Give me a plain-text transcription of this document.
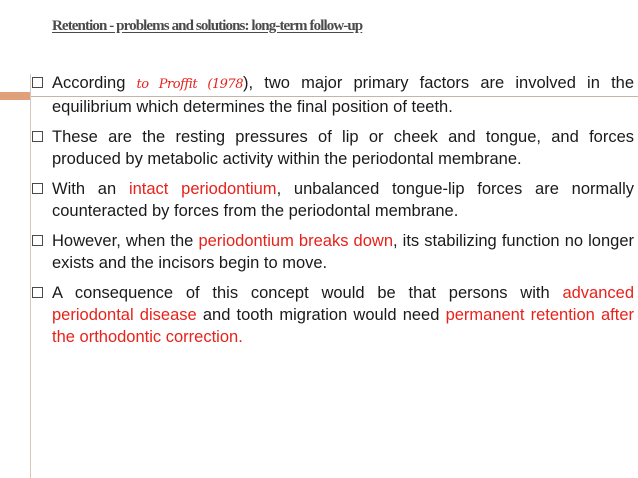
Retention - problems and solutions: long-term follow-up
According to Proffit (1978), two major primary factors are involved in the equilibrium which determines the final position of teeth.
These are the resting pressures of lip or cheek and tongue, and forces produced by metabolic activity within the periodontal membrane.
With an intact periodontium, unbalanced tongue-lip forces are normally counteracted by forces from the periodontal membrane.
However, when the periodontium breaks down, its stabilizing function no longer exists and the incisors begin to move.
A consequence of this concept would be that persons with advanced periodontal disease and tooth migration would need permanent retention after the orthodontic correction.
